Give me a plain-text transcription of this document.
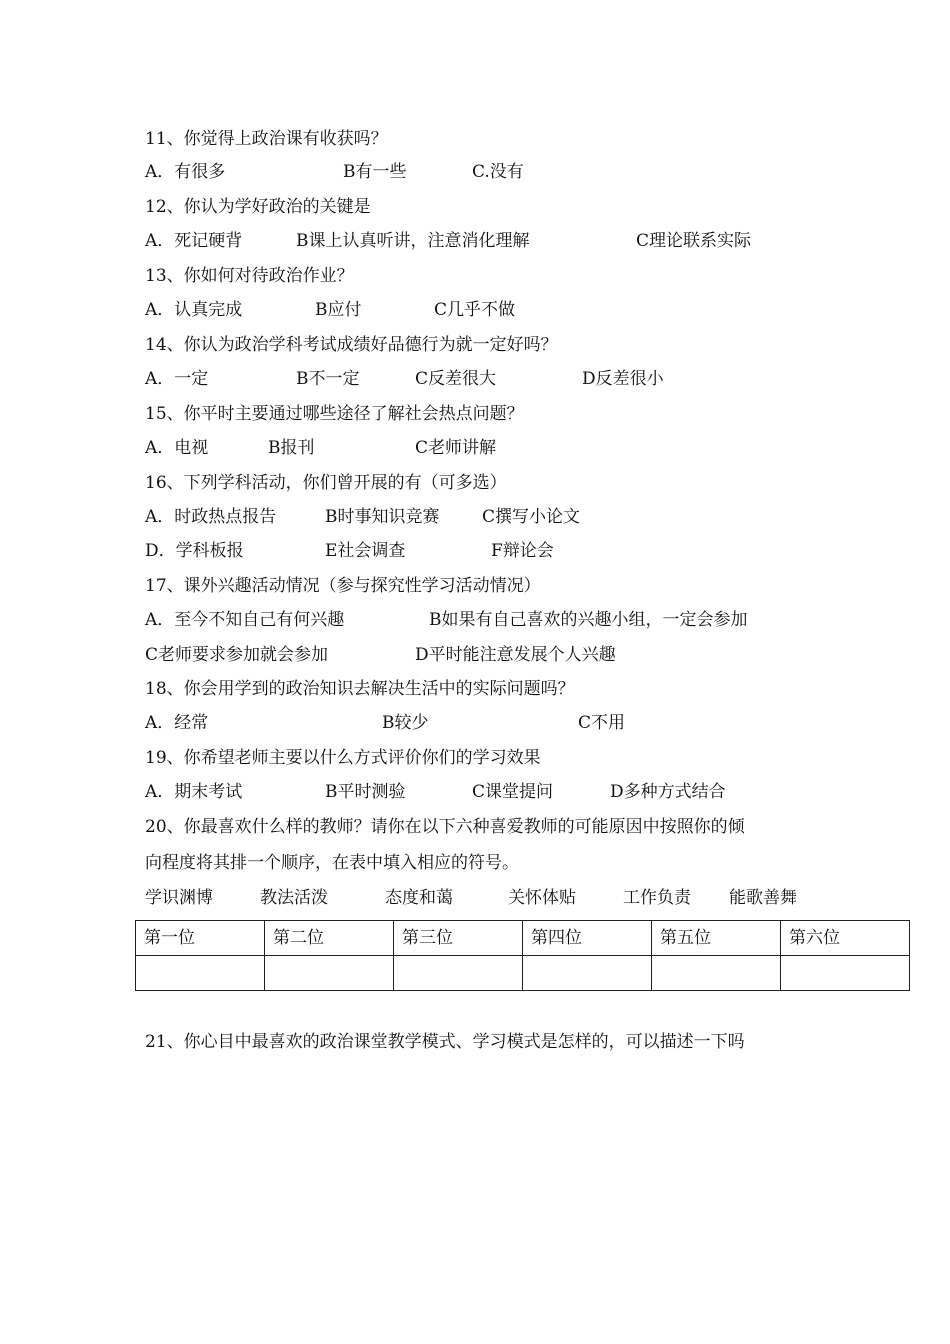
11、你觉得上政治课有收获吗？
A．有很多	B有一些	C.没有
12、你认为学好政治的关键是
A．死记硬背	B课上认真听讲，注意消化理解	C理论联系实际
13、你如何对待政治作业？
A．认真完成	B应付	C几乎不做
14、你认为政治学科考试成绩好品德行为就一定好吗？
A．一定	B不一定	C反差很大	D反差很小
15、你平时主要通过哪些途径了解社会热点问题？
A．电视	B报刊	C老师讲解
16、下列学科活动，你们曾开展的有（可多选）
A．时政热点报告	B时事知识竞赛	C撰写小论文
D．学科板报	E社会调查	F辩论会
17、课外兴趣活动情况（参与探究性学习活动情况）
A．至今不知自己有何兴趣	B如果有自己喜欢的兴趣小组，一定会参加
C老师要求参加就会参加	D平时能注意发展个人兴趣
18、你会用学到的政治知识去解决生活中的实际问题吗？
A．经常	B较少	C不用
19、你希望老师主要以什么方式评价你们的学习效果
A．期末考试	B平时测验	C课堂提问	D多种方式结合
20、你最喜欢什么样的教师？请你在以下六种喜爱教师的可能原因中按照你的倾
向程度将其排一个顺序，在表中填入相应的符号。
学识渊博	教法活泼	态度和蔼	关怀体贴	工作负责 能歌善舞
第一位	第二位	第三位	第四位	第五位	第六位

21、你心目中最喜欢的政治课堂教学模式、学习模式是怎样的，可以描述一下吗
